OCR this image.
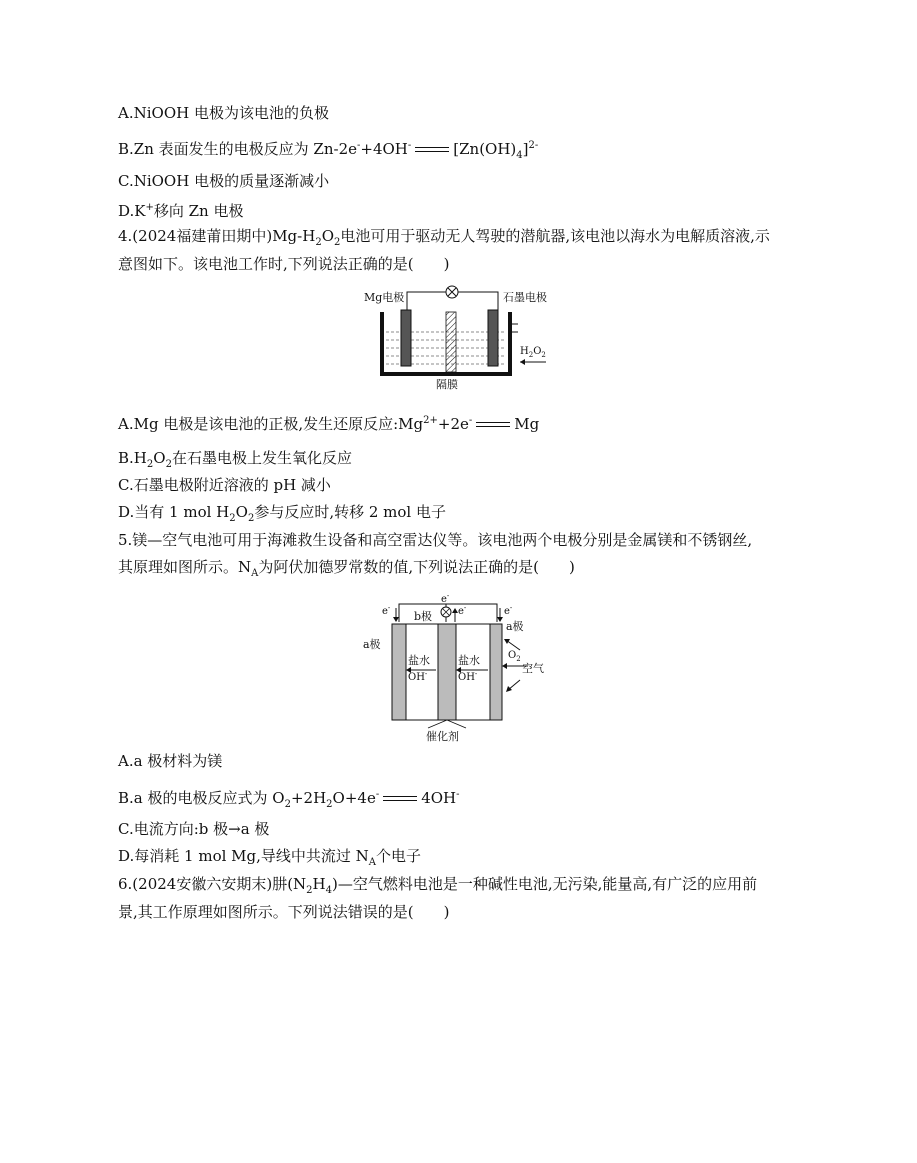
A.NiOOH 电极为该电池的负极
B.Zn 表面发生的电极反应为 Zn-2e-+4OH-	$[Zn(OH)_4]^{2-}$
C.NiOOH 电极的质量逐渐减小
D.K+移向 Zn 电极
4.(2024福建莆田期中)$Mg-H_2O_2$电池可用于驱动无人驾驶的潜航器,该电池以海水为电解质溶液,示
意图如下。该电池工作时,下列说法正确的是(　　)
Mg电极	石墨电极
$H_2O_2$
隔膜
A.Mg 电极是该电池的正极,发生还原反应$:Mg^{2+}+2e^-$	Mg
$B.H_2O_2$在石墨电极上发生氧化反应
C.石墨电极附近溶液的 pH 减小
D.当有 1 mol $H_2O_2$参与反应时,转移 2 mol 电子
5.镁—空气电池可用于海滩救生设备和高空雷达仪等。该电池两个电极分别是金属镁和不锈钢丝,
其原理如图所示。$N_A$为阿伏加德罗常数的值,下列说法正确的是(　　)
e-
e-	e-	e-
b极
a极
a极
盐水	盐水
OH-	OH-
$O_2$
空气
催化剂
A.a 极材料为镁
B.a 极的电极反应式为 $O_2+2H_2O+4e^-$	4OH-
C.电流方向:b 极→a 极
D.每消耗 1 mol Mg,导线中共流过 $N_A$个电子
6.(2024安徽六安期末)肼$(N_2H_4)—$空气燃料电池是一种碱性电池,无污染,能量高,有广泛的应用前
景,其工作原理如图所示。下列说法错误的是(　　)
